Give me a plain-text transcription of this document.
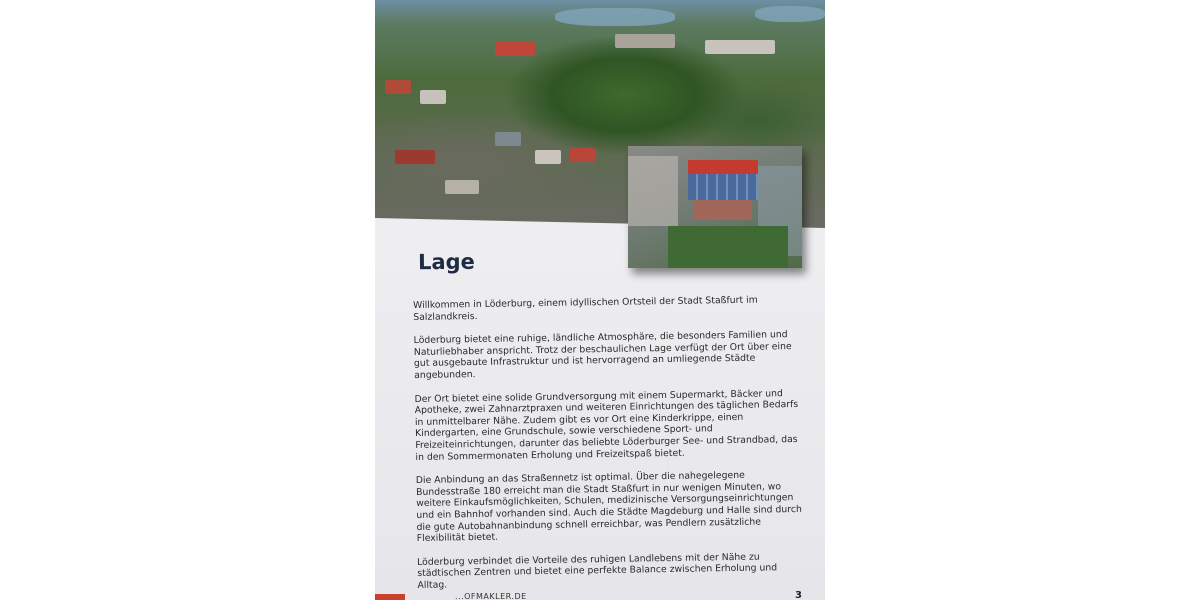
Lage

Willkommen in Löderburg, einem idyllischen Ortsteil der Stadt Staßfurt im Salzlandkreis.

Löderburg bietet eine ruhige, ländliche Atmosphäre, die besonders Familien und Naturliebhaber anspricht. Trotz der beschaulichen Lage verfügt der Ort über eine gut ausgebaute Infrastruktur und ist hervorragend an umliegende Städte angebunden.

Der Ort bietet eine solide Grundversorgung mit einem Supermarkt, Bäcker und Apotheke, zwei Zahnarztpraxen und weiteren Einrichtungen des täglichen Bedarfs in unmittelbarer Nähe. Zudem gibt es vor Ort eine Kinderkrippe, einen Kindergarten, eine Grundschule, sowie verschiedene Sport- und Freizeiteinrichtungen, darunter das beliebte Löderburger See- und Strandbad, das in den Sommermonaten Erholung und Freizeitspaß bietet.

Die Anbindung an das Straßennetz ist optimal. Über die nahegelegene Bundesstraße 180 erreicht man die Stadt Staßfurt in nur wenigen Minuten, wo weitere Einkaufsmöglichkeiten, Schulen, medizinische Versorgungseinrichtungen und ein Bahnhof vorhanden sind. Auch die Städte Magdeburg und Halle sind durch die gute Autobahnanbindung schnell erreichbar, was Pendlern zusätzliche Flexibilität bietet.

Löderburg verbindet die Vorteile des ruhigen Landlebens mit der Nähe zu städtischen Zentren und bietet eine perfekte Balance zwischen Erholung und Alltag.

...OFMAKLER.DE	3
